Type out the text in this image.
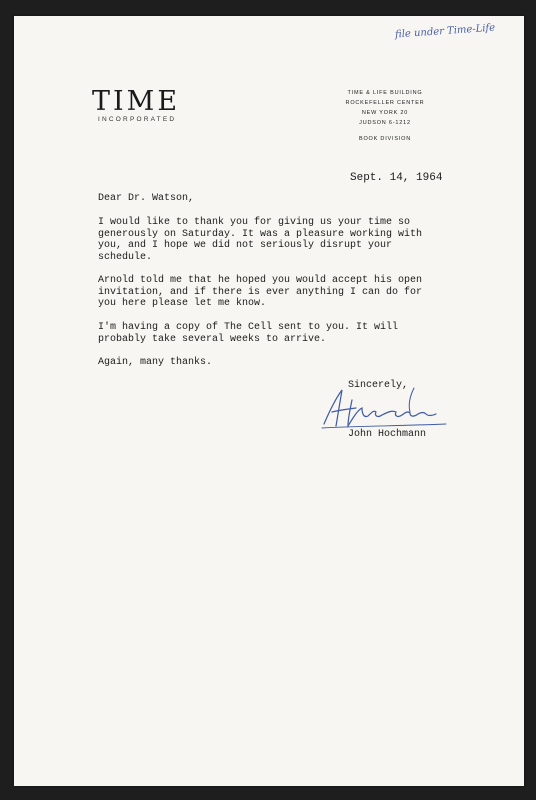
file under Time-Life
TIME
INCORPORATED
TIME & LIFE BUILDING
ROCKEFELLER CENTER
NEW YORK 20
JUDSON 6-1212
BOOK DIVISION
Sept. 14, 1964
Dear Dr. Watson,
I would like to thank you for giving us your time so
generously on Saturday. It was a pleasure working with
you, and I hope we did not seriously disrupt your
schedule.
Arnold told me that he hoped you would accept his open
invitation, and if there is ever anything I can do for
you here please let me know.
I'm having a copy of The Cell sent to you. It will
probably take several weeks to arrive.
Again, many thanks.
Sincerely,
John Hochmann
